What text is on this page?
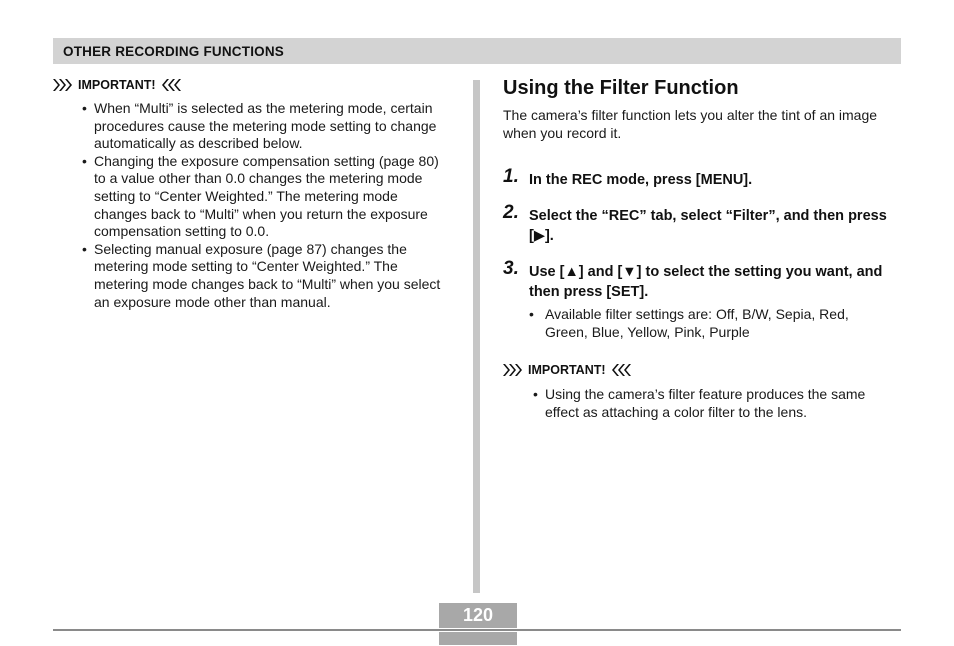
OTHER RECORDING FUNCTIONS
IMPORTANT!
• When “Multi” is selected as the metering mode, certain procedures cause the metering mode setting to change automatically as described below.
• Changing the exposure compensation setting (page 80) to a value other than 0.0 changes the metering mode setting to “Center Weighted.” The metering mode changes back to “Multi” when you return the exposure compensation setting to 0.0.
• Selecting manual exposure (page 87) changes the metering mode setting to “Center Weighted.” The metering mode changes back to “Multi” when you select an exposure mode other than manual.
Using the Filter Function

The camera’s filter function lets you alter the tint of an image when you record it.

1. In the REC mode, press [MENU].
2. Select the “REC” tab, select “Filter”, and then press [▶].
3. Use [▲] and [▼] to select the setting you want, and then press [SET].
• Available filter settings are: Off, B/W, Sepia, Red, Green, Blue, Yellow, Pink, Purple
IMPORTANT!
• Using the camera’s filter feature produces the same effect as attaching a color filter to the lens.
120
